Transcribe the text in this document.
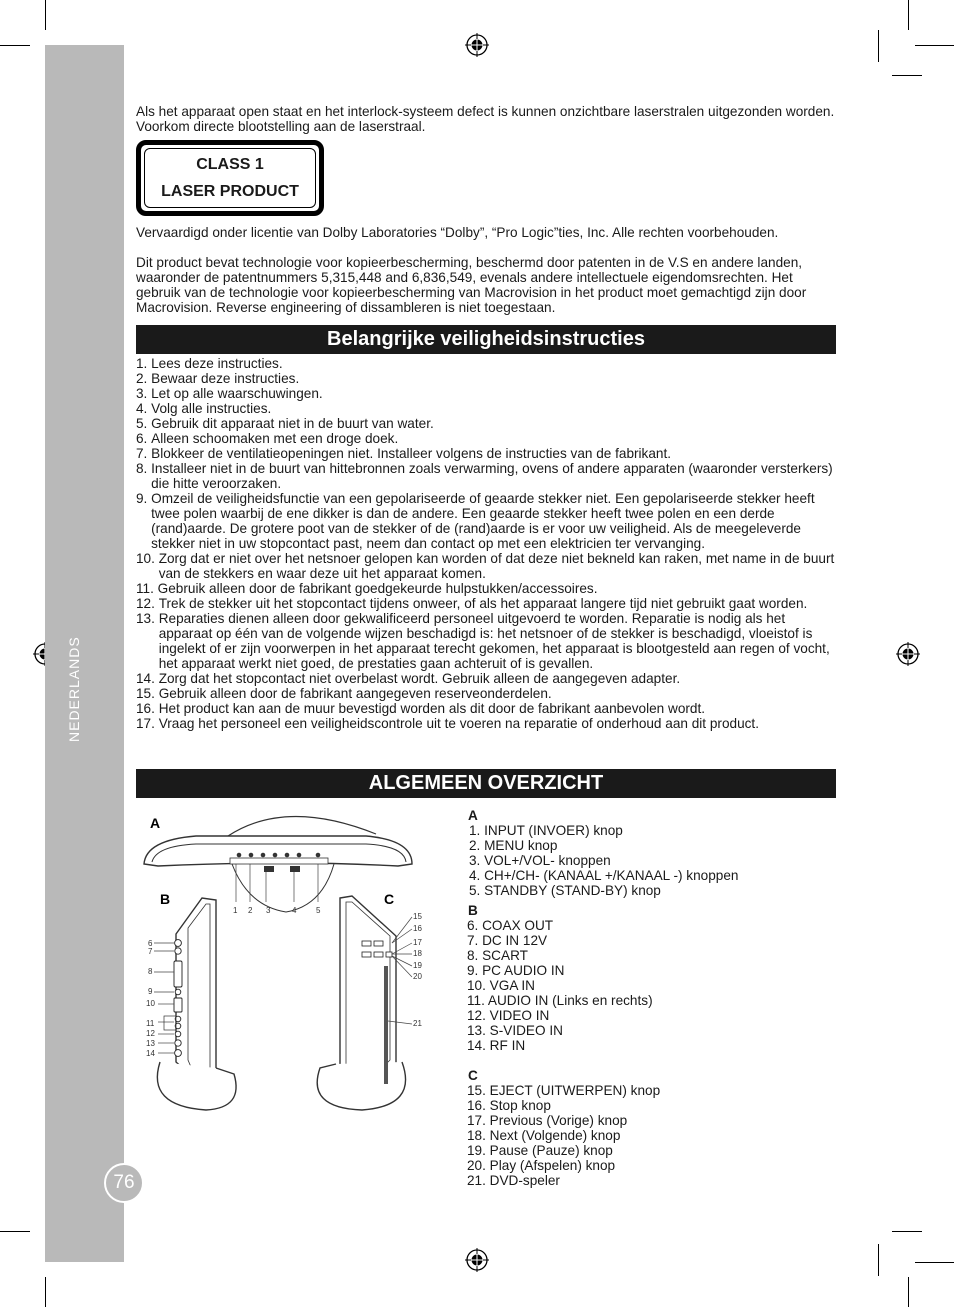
NEDERLANDS
76

Als het apparaat open staat en het interlock-systeem defect is kunnen onzichtbare laserstralen uitgezonden worden. Voorkom directe blootstelling aan de laserstraal.

CLASS 1
LASER PRODUCT

Vervaardigd onder licentie van Dolby Laboratories “Dolby”, “Pro Logic”ties, Inc. Alle rechten voorbehouden.

Dit product bevat technologie voor kopieerbescherming, beschermd door patenten in de V.S en andere landen, waaronder de patentnummers 5,315,448 and 6,836,549, evenals andere intellectuele eigendomsrechten. Het gebruik van de technologie voor kopieerbescherming van Macrovision in het product moet gemachtigd zijn door Macrovision. Reverse engineering of dissambleren is niet toegestaan.

Belangrijke veiligheidsinstructies
1. Lees deze instructies.
2. Bewaar deze instructies.
3. Let op alle waarschuwingen.
4. Volg alle instructies.
5. Gebruik dit apparaat niet in de buurt van water.
6. Alleen schoomaken met een droge doek.
7. Blokkeer de ventilatieopeningen niet. Installeer volgens de instructies van de fabrikant.
8. Installeer niet in de buurt van hittebronnen zoals verwarming, ovens of andere apparaten (waaronder versterkers) die hitte veroorzaken.
9. Omzeil de veiligheidsfunctie van een gepolariseerde of geaarde stekker niet. Een gepolariseerde stekker heeft twee polen waarbij de ene dikker is dan de andere. Een geaarde stekker heeft twee polen en een derde (rand)aarde. De grotere poot van de stekker of de (rand)aarde is er voor uw veiligheid. Als de meegeleverde stekker niet in uw stopcontact past, neem dan contact op met een elektricien ter vervanging.
10. Zorg dat er niet over het netsnoer gelopen kan worden of dat deze niet bekneld kan raken, met name in de buurt van de stekkers en waar deze uit het apparaat komen.
11. Gebruik alleen door de fabrikant goedgekeurde hulpstukken/accessoires.
12. Trek de stekker uit het stopcontact tijdens onweer, of als het apparaat langere tijd niet gebruikt gaat worden.
13. Reparaties dienen alleen door gekwalificeerd personeel uitgevoerd te worden. Reparatie is nodig als het apparaat op één van de volgende wijzen beschadigd is: het netsnoer of de stekker is beschadigd, vloeistof is ingelekt of er zijn voorwerpen in het apparaat terecht gekomen, het apparaat is blootgesteld aan regen of vocht, het apparaat werkt niet goed, de prestaties gaan achteruit of is gevallen.
14. Zorg dat het stopcontact niet overbelast wordt. Gebruik alleen de aangegeven adapter.
15. Gebruik alleen door de fabrikant aangegeven reserveonderdelen.
16. Het product kan aan de muur bevestigd worden als dit door de fabrikant aanbevolen wordt.
17. Vraag het personeel een veiligheidscontrole uit te voeren na reparatie of onderhoud aan dit product.
ALGEMEEN OVERZICHT
A
1 2 3	4 5
B
6
7
8
9
10
11
12
13
14
C
15
16
17
18
19
20
21
A
1. INPUT (INVOER) knop
2. MENU knop
3. VOL+/VOL- knoppen
4. CH+/CH- (KANAAL +/KANAAL -) knoppen
5. STANDBY (STAND-BY) knop
B
6. COAX OUT
7. DC IN 12V
8. SCART
9. PC AUDIO IN
10. VGA IN
11. AUDIO IN (Links en rechts)
12. VIDEO IN
13. S-VIDEO IN
14. RF IN
C
15. EJECT (UITWERPEN) knop
16. Stop knop
17. Previous (Vorige) knop
18. Next (Volgende) knop
19. Pause (Pauze) knop
20. Play (Afspelen) knop
21. DVD-speler
